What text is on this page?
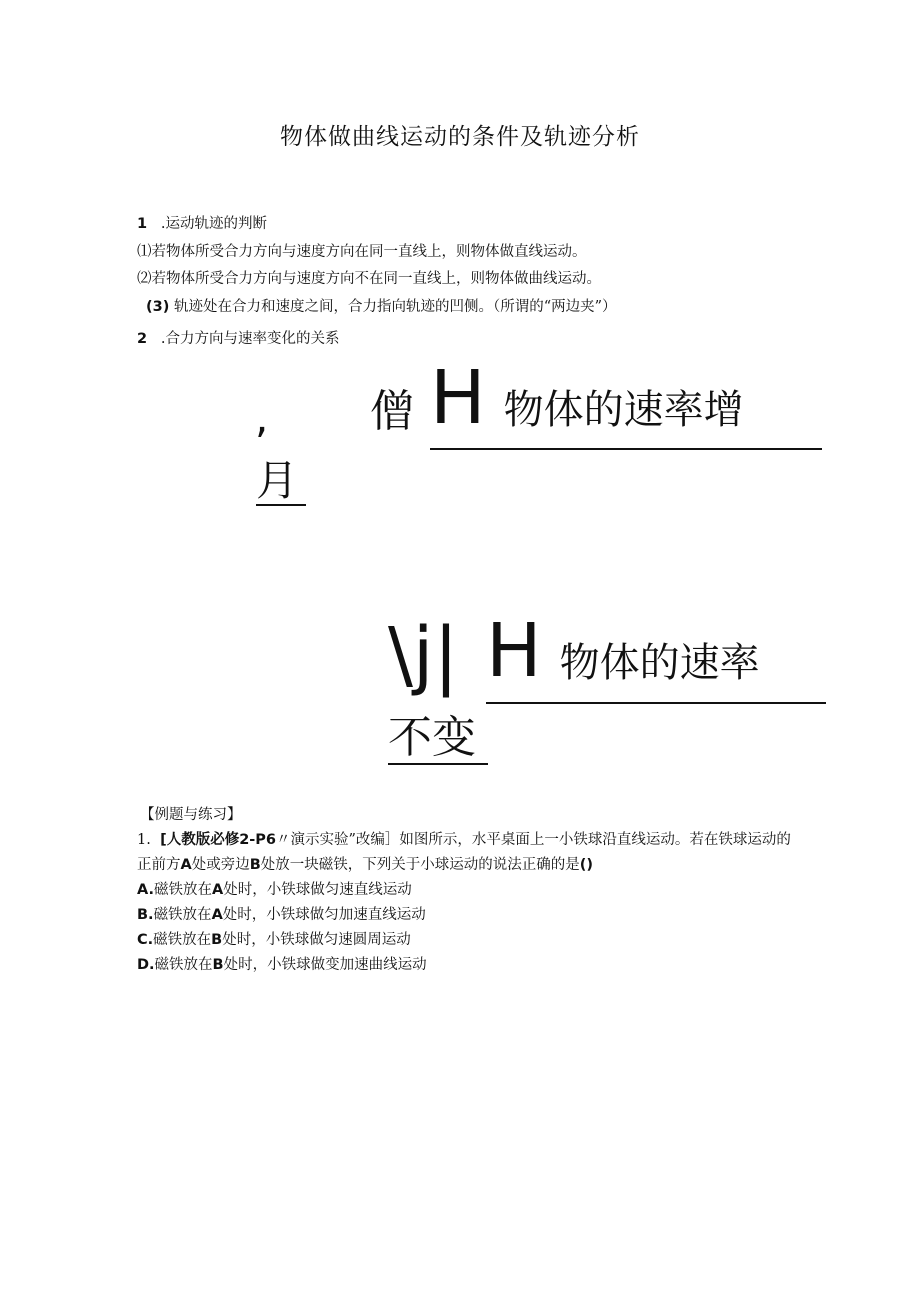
物体做曲线运动的条件及轨迹分析
1 .运动轨迹的判断
⑴若物体所受合力方向与速度方向在同一直线上，则物体做直线运动。
⑵若物体所受合力方向与速度方向不在同一直线上，则物体做曲线运动。
(3) 轨迹处在合力和速度之间，合力指向轨迹的凹侧。（所谓的“两边夹”）
2 .合力方向与速率变化的关系
,
月
僧 H物体的速率增
\j| H物体的速率
不变
【例题与练习】
1. [人教版必修2-P6〃演示实验”改编］如图所示，水平桌面上一小铁球沿直线运动。若在铁球运动的
正前方A处或旁边B处放一块磁铁，下列关于小球运动的说法正确的是()
A.磁铁放在A处时，小铁球做匀速直线运动
B.磁铁放在A处时，小铁球做匀加速直线运动
C.磁铁放在B处时，小铁球做匀速圆周运动
D.磁铁放在B处时，小铁球做变加速曲线运动
